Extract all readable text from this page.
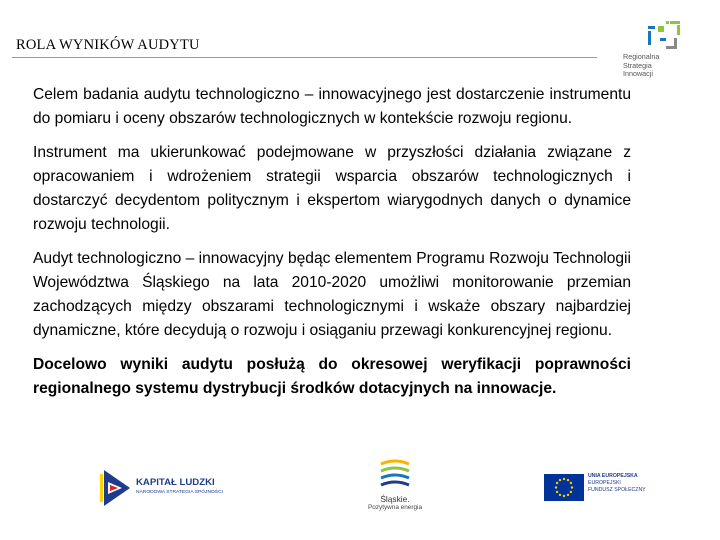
ROLA WYNIKÓW AUDYTU
Regionalna
Strategia
Innowacji

Celem badania audytu technologiczno – innowacyjnego jest dostarczenie instrumentu do pomiaru i oceny obszarów technologicznych w kontekście rozwoju regionu.

Instrument ma ukierunkować podejmowane w przyszłości działania związane z opracowaniem i wdrożeniem strategii wsparcia obszarów technologicznych i dostarczyć decydentom politycznym i ekspertom wiarygodnych danych o dynamice rozwoju technologii.

Audyt technologiczno – innowacyjny będąc elementem Programu Rozwoju Technologii Województwa Śląskiego na lata 2010-2020 umożliwi monitorowanie przemian zachodzących między obszarami technologicznymi i wskaże obszary najbardziej dynamiczne, które decydują o rozwoju i osiąganiu przewagi konkurencyjnej regionu.

Docelowo wyniki audytu posłużą do okresowej weryfikacji poprawności regionalnego systemu dystrybucji środków dotacyjnych na innowacje.

KAPITAŁ LUDZKI
NARODOWA STRATEGIA SPÓJNOŚCI
Śląskie.
Pozytywna energia
UNIA EUROPEJSKA
EUROPEJSKI
FUNDUSZ SPOŁECZNY
